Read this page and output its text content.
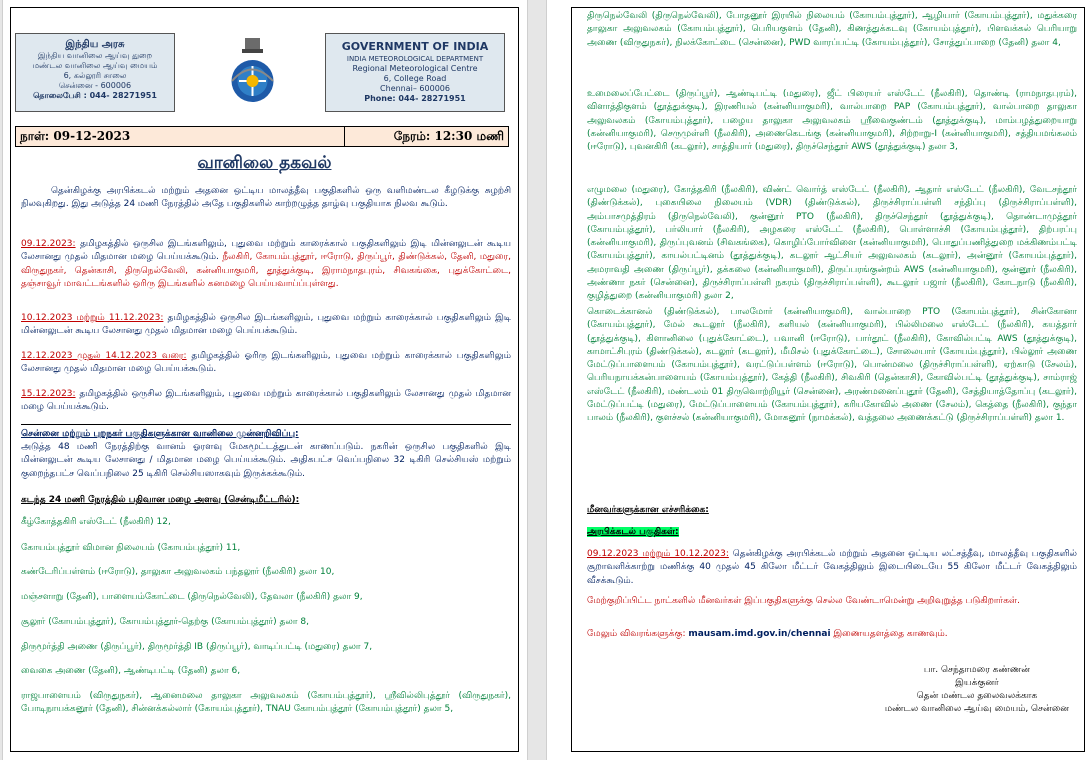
இந்திய அரசு
இந்திய வானிலை ஆய்வு துறை
மண்டல வானிலை ஆய்வு மையம்
6, கல்லூரி சாலை
சென்னை - 600006
தொலைபேசி : 044- 28271951
GOVERNMENT OF INDIA
INDIA METEOROLOGICAL DEPARTMENT
Regional Meteorological Centre
6, College Road
Chennai– 600006
Phone: 044- 28271951
நாள்: 09-12-2023	நேரம்: 12:30 மணி
வானிலை தகவல்
தென்கிழக்கு அரபிக்கடல் மற்றும் அதனை ஒட்டிய மாலத்தீவு பகுதிகளில் ஒரு வளிமண்டல கீழடுக்கு சுழற்சி நிலவுகிறது. இது அடுத்த 24 மணி நேரத்தில் அதே பகுதிகளில் காற்றழுத்த தாழ்வு பகுதியாக நிலவ கூடும்.
09.12.2023: தமிழகத்தில் ஒருசில இடங்களிலும், புதுவை மற்றும் காரைக்கால் பகுதிகளிலும் இடி மின்னலுடன் கூடிய லேசானது முதல் மிதமான மழை பெய்யக்கூடும். நீலகிரி, கோயம்புத்தூர், ஈரோடு, திருப்பூர், திண்டுக்கல், தேனி, மதுரை, விருதுநகர், தென்காசி, திருநெல்வேலி, கன்னியாகுமரி, தூத்துக்குடி, இராமநாதபுரம், சிவகங்கை, புதுக்கோட்டை, தஞ்சாவூர் மாவட்டங்களில் ஒரிரு இடங்களில் கனமழை பெய்யவாய்ப்புள்ளது.
10.12.2023 மற்றும் 11.12.2023: தமிழகத்தில் ஒருசில இடங்களிலும், புதுவை மற்றும் காரைக்கால் பகுதிகளிலும் இடி மின்னலுடன் கூடிய லேசானது முதல் மிதமான மழை பெய்யக்கூடும்.
12.12.2023 முதல் 14.12.2023 வரை: தமிழகத்தில் ஓரிரு இடங்களிலும், புதுவை மற்றும் காரைக்கால் பகுதிகளிலும் லேசானது முதல் மிதமான மழை பெய்யக்கூடும்.
15.12.2023: தமிழகத்தில் ஒருசில இடங்களிலும், புதுவை மற்றும் காரைக்கால் பகுதிகளிலும் லேசானது முதல் மிதமான மழை பெய்யக்கூடும்.
சென்னை மற்றும் புறநகர் பகுதிகளுக்கான வானிலை முன்னறிவிப்பு:
அடுத்த 48 மணி நேரத்திற்கு வானம் ஓரளவு மேகமூட்டத்துடன் காணப்படும். நகரின் ஒருசில பகுதிகளில் இடி மின்னலுடன் கூடிய லேசானது / மிதமான மழை பெய்யக்கூடும். அதிகபட்ச வெப்பநிலை 32 டிகிரி செல்சியஸ் மற்றும் குறைந்தபட்ச வெப்பநிலை 25 டிகிரி செல்சியஸாகவும் இருக்கக்கூடும்.
கடந்த 24 மணி நேரத்தில் பதிவான மழை அளவு (சென்டிமீட்டரில்):
கீழ்கோத்தகிரி எஸ்டேட் (நீலகிரி) 12,
கோயம்புத்தூர் விமான நிலையம் (கோயம்புத்தூர்) 11,
கண்டேரிப்பள்ளம் (ஈரோடு), தாலுகா அலுவலகம் பந்தலூர் (நீலகிரி) தலா 10,
மஞ்சளாறு (தேனி), பாளையம்கோட்டை (திருநெல்வேலி), தேவலா (நீலகிரி) தலா 9,
சூலூர் (கோயம்புத்தூர்), கோயம்புத்தூர்-தெற்கு (கோயம்புத்தூர்) தலா 8,
திருமூர்த்தி அணை (திருப்பூர்), திருமூர்த்தி IB (திருப்பூர்), வாடிப்பட்டி (மதுரை) தலா 7,
வைகை அணை (தேனி), ஆண்டிபட்டி (தேனி) தலா 6,
ராஜபாளையம் (விருதுநகர்), ஆனைமலை தாலுகா அலுவலகம் (கோயம்புத்தூர்), ஸ்ரீவில்லிபுத்தூர் (விருதுநகர்), போடிநாயக்கனூர் (தேனி), சின்னக்கல்லார் (கோயம்புத்தூர்), TNAU கோயம்புத்தூர் (கோயம்புத்தூர்) தலா 5,
திருநெல்வேலி (திருநெல்வேலி), போதனூர் இரயில் நிலையம் (கோயம்புத்தூர்), ஆழியார் (கோயம்புத்தூர்), மதுக்கரை தாலுகா அலுவலகம் (கோயம்புத்தூர்), பெரியகுளம் (தேனி), கிணத்துக்கடவு (கோயம்புத்தூர்), பிளவக்கல் பெரியாறு அணை (விருதுநகர்), நிலக்கோட்டை (சென்னை), PWD வாரப்பட்டி (கோயம்புத்தூர்), சோத்துப்பாறை (தேனி) தலா 4,
உமைலைப்பேட்டை (திருப்பூர்), ஆண்டிபட்டி (மதுரை), ஜீட் பிரையர் எஸ்டேட் (நீலகிரி), தொண்டி (ராமநாதபுரம்), விளாத்திகுளம் (தூத்துக்குடி), இரணியல் (கன்னியாகுமரி), வால்பாறை PAP (கோயம்புத்தூர்), வால்பாறை தாலுகா அலுவலகம் (கோயம்புத்தூர்), பழைய தாலுகா அலுவலகம் ஸ்ரீவைகுண்டம் (தூத்துக்குடி), மாம்பழத்துறையாறு (கன்னியாகுமரி), செருமுள்ளி (நீலகிரி), அணைகெடங்கு (கன்னியாகுமரி), சிற்றாறு-I (கன்னியாகுமரி), சத்தியமங்கலம் (ஈரோடு), புவனகிரி (கடலூர்), சாத்தியார் (மதுரை), திருச்செந்தூர் AWS (தூத்துக்குடி) தலா 3,
எழுமலை (மதுரை), கோத்தகிரி (நீலகிரி), விண்ட் வொர்த் எஸ்டேட் (நீலகிரி), ஆதார் எஸ்டேட் (நீலகிரி), வேடசந்தூர் (திண்டுக்கல்), புகையிலை நிலையம் (VDR) (திண்டுக்கல்), திருச்சிராப்பள்ளி சந்திப்பு (திருச்சிராப்பள்ளி), அம்பாசமுத்திரம் (திருநெல்வேலி), குன்னூர் PTO (நீலகிரி), திருச்செந்தூர் (தூத்துக்குடி), தொண்டாமுத்தூர் (கோயம்புத்தூர்), பர்லியார் (நீலகிரி), அழகரை எஸ்டேட் (நீலகிரி), பொள்ளாச்சி (கோயம்புத்தூர்), திற்பரப்பு (கன்னியாகுமரி), திருப்புவனம் (சிவகங்கை), கொழிப்போர்விளை (கன்னியாகுமரி), பொதுப்பணித்துறை மக்கிணம்பட்டி (கோயம்புத்தூர்), காயல்பட்டினம் (தூத்துக்குடி), கடலூர் ஆட்சியர் அலுவலகம் (கடலூர்), அன்னூர் (கோயம்புத்தூர்), அமராவதி அணை (திருப்பூர்), தக்கலை (கன்னியாகுமரி), திருப்பரங்குன்றம் AWS (கன்னியாகுமரி), குன்னூர் (நீலகிரி), அண்ணா நகர் (சென்னை), திருச்சிராப்பள்ளி நகரம் (திருச்சிராப்பள்ளி), கூடலூர் பஜார் (நீலகிரி), கோடநாடு (நீலகிரி), குழித்துறை (கன்னியாகுமரி) தலா 2,
கொடைக்கானல் (திண்டுக்கல்), பாலமோர் (கன்னியாகுமரி), வால்பாறை PTO (கோயம்புத்தூர்), சின்கோனா (கோயம்புத்தூர்), மேல் கூடலூர் (நீலகிரி), களியல் (கன்னியாகுமரி), பில்லிமலை எஸ்டேட் (நீலகிரி), கயத்தார் (தூத்துக்குடி), கிளானிலை (புதுக்கோட்டை), பவானி (ஈரோடு), பார்தூட் (நீலகிரி), கோவில்பட்டி AWS (தூத்துக்குடி), காமாட்சிபுரம் (திண்டுக்கல்), கடலூர் (கடலூர்), மீமிசல் (புதுக்கோட்டை), சோலையார் (கோயம்புத்தூர்), பில்லூர் அணை மேட்டுப்பாளையம் (கோயம்புத்தூர்), வரட்டுப்பள்ளம் (ஈரோடு), பொன்மலை (திருச்சிராப்பள்ளி), ஏற்காடு (சேலம்), பெரியநாயக்கன்பாளையம் (கோயம்புத்தூர்), கேத்தி (நீலகிரி), சிவகிரி (தென்காசி), கோவில்பட்டி (தூத்துக்குடி), சாம்ராஜ் எஸ்டேட் (நீலகிரி), மண்டலம் 01 திருவொற்றியூர் (சென்னை), அரண்மனைப்புதூர் (தேனி), சேத்தியாத்தோப்பு (கடலூர்), மேட்டுப்பட்டி (மதுரை), மேட்டுப்பாளையம் (கோயம்புத்தூர்), கரியகோவில் அணை (சேலம்), கெத்தை (நீலகிரி), குந்தா பாலம் (நீலகிரி), குளச்சல் (கன்னியாகுமரி), மோகனூர் (நாமக்கல்), வத்தலை அணைக்கட்டு (திருச்சிராப்பள்ளி) தலா 1.
மீனவர்களுக்கான எச்சரிக்கை:
அரபிக்கடல் பகுதிகள்:
09.12.2023 மற்றும் 10.12.2023: தென்கிழக்கு அரபிக்கடல் மற்றும் அதனை ஒட்டிய லட்சத்தீவு, மாலத்தீவு பகுதிகளில் சூறாவளிக்காற்று மணிக்கு 40 முதல் 45 கிலோ மீட்டர் வேகத்திலும் இடையிடையே 55 கிலோ மீட்டர் வேகத்திலும் வீசக்கூடும்.
மேற்குறிப்பிட்ட நாட்களில் மீனவர்கள் இப்பகுதிகளுக்கு செல்ல வேண்டாமென்று அறிவுறுத்த படுகிறார்கள்.
மேலும் விவரங்களுக்கு: mausam.imd.gov.in/chennai இணையதளத்தை காணவும்.
பா. செந்தாமரை கண்ணன்
இயக்குனர்
தென் மண்டல தலைவலக்காக
மண்டல வானிலை ஆய்வு மையம், சென்னை
